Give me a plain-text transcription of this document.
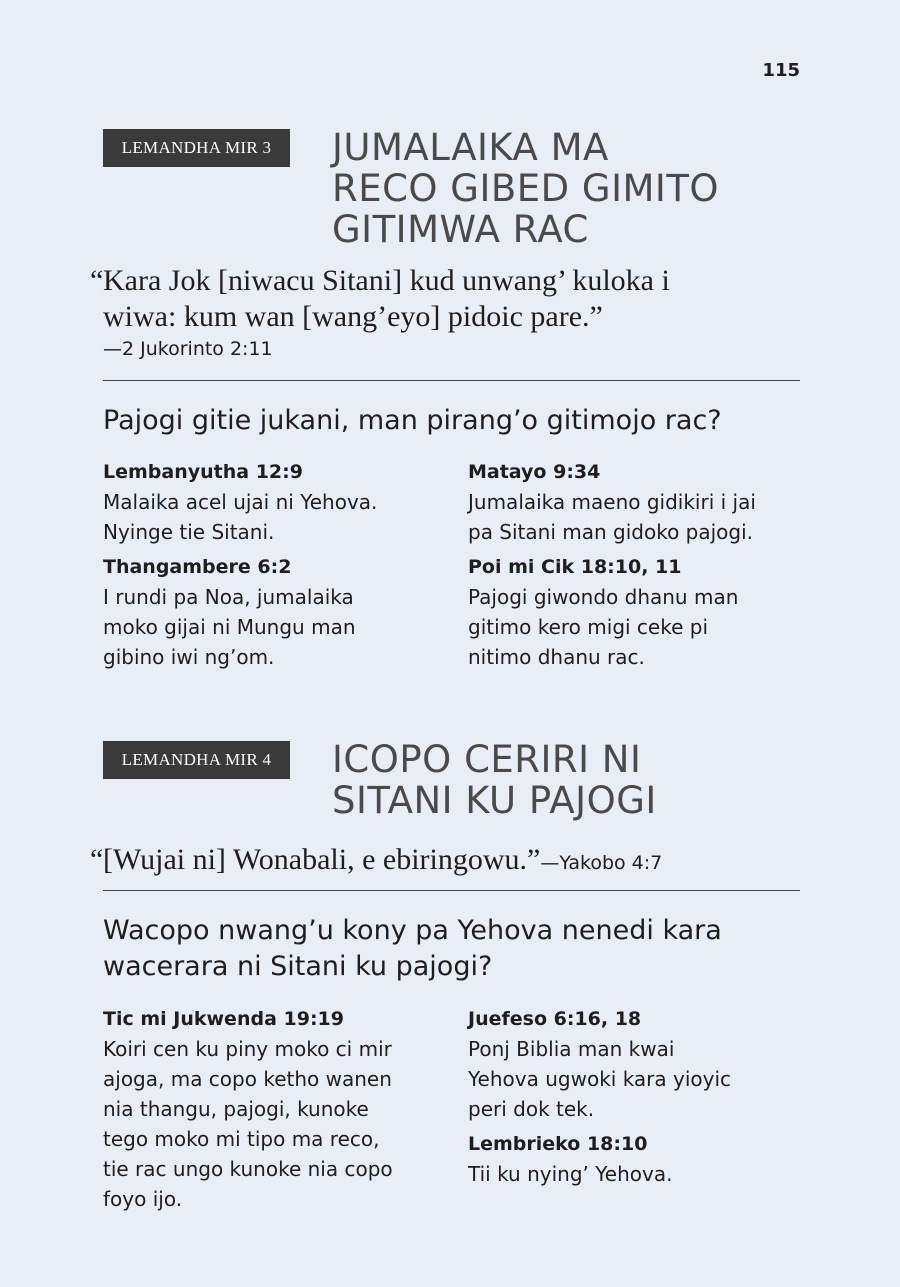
115
LEMANDHA MIR 3	JUMALAIKA MA
RECO GIBED GIMITO
GITIMWA RAC
“ Kara Jok [niwacu Sitani] kud unwang’ kuloka i
wiwa: kum wan [wang’eyo] pidoic pare.”
—2 Jukorinto 2:11
Pajogi gitie jukani, man pirang’o gitimojo rac?

Lembanyutha 12:9

Malaika acel ujai ni Yehova.
Nyinge tie Sitani.

Thangambere 6:2

I rundi pa Noa, jumalaika
moko gijai ni Mungu man
gibino iwi ng’om.

Matayo 9:34

Jumalaika maeno gidikiri i jai
pa Sitani man gidoko pajogi.

Poi mi Cik 18:10, 11

Pajogi giwondo dhanu man
gitimo kero migi ceke pi
nitimo dhanu rac.

LEMANDHA MIR 4	ICOPO CERIRI NI
SITANI KU PAJOGI
“ [Wujai ni] Wonabali, e ebiringowu.”—Yakobo 4:7
Wacopo nwang’u kony pa Yehova nenedi kara
wacerara ni Sitani ku pajogi?

Tic mi Jukwenda 19:19

Koiri cen ku piny moko ci mir
ajoga, ma copo ketho wanen
nia thangu, pajogi, kunoke
tego moko mi tipo ma reco,
tie rac ungo kunoke nia copo
foyo ijo.

Juefeso 6:16, 18

Ponj Biblia man kwai
Yehova ugwoki kara yioyic
peri dok tek.

Lembrieko 18:10

Tii ku nying’ Yehova.
